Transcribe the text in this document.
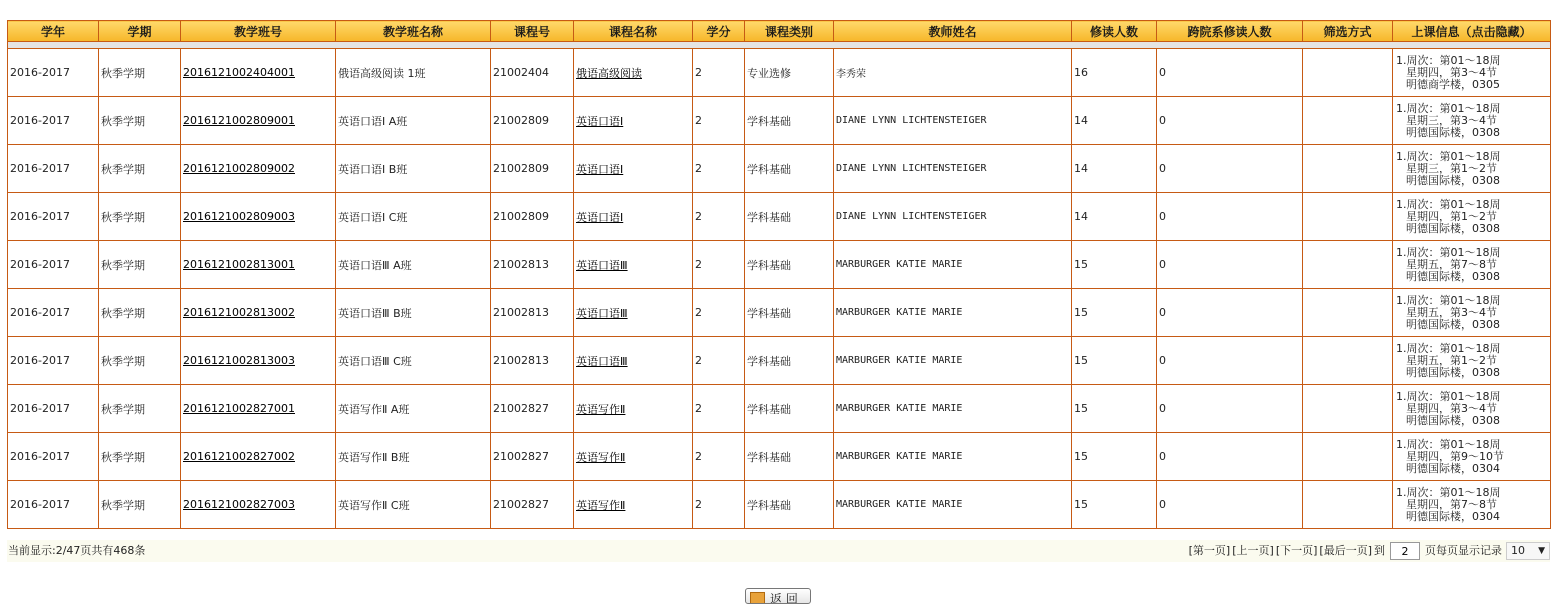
学年	学期	教学班号	教学班名称	课程号	课程名称	学分	课程类别	教师姓名	修读人数	跨院系修读人数	筛选方式	上课信息（点击隐藏）

2016-2017	秋季学期	2016121002404001	俄语高级阅读 1班	21002404	俄语高级阅读	2	专业选修	李秀荣	16	0		1.周次：第01～18周
星期四，第3～4节
明德商学楼，0305

2016-2017	秋季学期	2016121002809001	英语口语Ⅰ A班	21002809	英语口语Ⅰ	2	学科基础	DIANE LYNN LICHTENSTEIGER	14	0		1.周次：第01～18周
星期三，第3～4节
明德国际楼，0308

2016-2017	秋季学期	2016121002809002	英语口语Ⅰ B班	21002809	英语口语Ⅰ	2	学科基础	DIANE LYNN LICHTENSTEIGER	14	0		1.周次：第01～18周
星期三，第1～2节
明德国际楼，0308

2016-2017	秋季学期	2016121002809003	英语口语Ⅰ C班	21002809	英语口语Ⅰ	2	学科基础	DIANE LYNN LICHTENSTEIGER	14	0		1.周次：第01～18周
星期四，第1～2节
明德国际楼，0308

2016-2017	秋季学期	2016121002813001	英语口语Ⅲ A班	21002813	英语口语Ⅲ	2	学科基础	MARBURGER KATIE MARIE	15	0		1.周次：第01～18周
星期五，第7～8节
明德国际楼，0308

2016-2017	秋季学期	2016121002813002	英语口语Ⅲ B班	21002813	英语口语Ⅲ	2	学科基础	MARBURGER KATIE MARIE	15	0		1.周次：第01～18周
星期五，第3～4节
明德国际楼，0308

2016-2017	秋季学期	2016121002813003	英语口语Ⅲ C班	21002813	英语口语Ⅲ	2	学科基础	MARBURGER KATIE MARIE	15	0		1.周次：第01～18周
星期五，第1～2节
明德国际楼，0308

2016-2017	秋季学期	2016121002827001	英语写作Ⅱ A班	21002827	英语写作Ⅱ	2	学科基础	MARBURGER KATIE MARIE	15	0		1.周次：第01～18周
星期四，第3～4节
明德国际楼，0308

2016-2017	秋季学期	2016121002827002	英语写作Ⅱ B班	21002827	英语写作Ⅱ	2	学科基础	MARBURGER KATIE MARIE	15	0		1.周次：第01～18周
星期四，第9～10节
明德国际楼，0304

2016-2017	秋季学期	2016121002827003	英语写作Ⅱ C班	21002827	英语写作Ⅱ	2	学科基础	MARBURGER KATIE MARIE	15	0		1.周次：第01～18周
星期四，第7～8节
明德国际楼，0304
当前显示:2/47页共有468条	[第一页] [上一页] [下一页] [最后一页] 到
2	页每页显示记录 10 ▼
返 回
